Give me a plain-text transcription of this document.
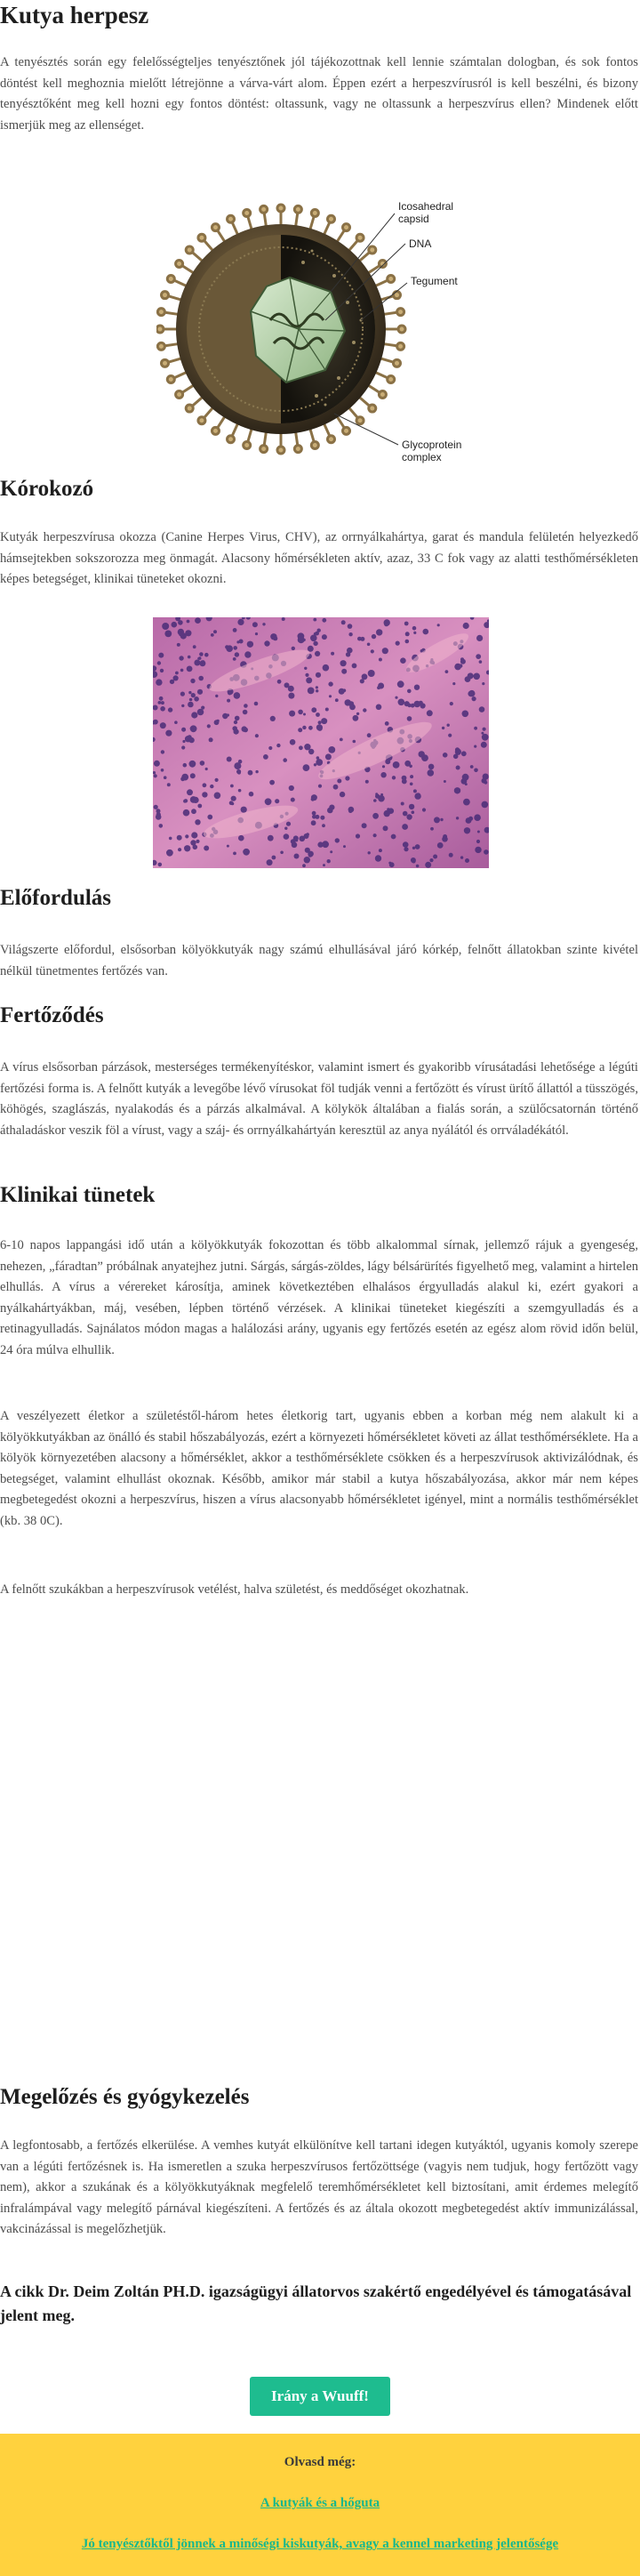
Kutya herpesz

A tenyésztés során egy felelősségteljes tenyésztőnek jól tájékozottnak kell lennie számtalan dologban, és sok fontos döntést kell meghoznia mielőtt létrejönne a várva-várt alom. Éppen ezért a herpeszvírusról is kell beszélni, és bizony tenyésztőként meg kell hozni egy fontos döntést: oltassunk, vagy ne oltassunk a herpeszvírus ellen? Mindenek előtt ismerjük meg az ellenséget.

Icosahedral
capsid
DNA
Tegument
Glycoprotein
complex
Kórokozó

Kutyák herpeszvírusa okozza (Canine Herpes Virus, CHV), az orrnyálkahártya, garat és mandula felületén helyezkedő hámsejtekben sokszorozza meg önmagát. Alacsony hőmérsékleten aktív, azaz, 33 C fok vagy az alatti testhőmérsékleten képes betegséget, klinikai tüneteket okozni.

Előfordulás

Világszerte előfordul, elsősorban kölyökkutyák nagy számú elhullásával járó kórkép, felnőtt állatokban szinte kivétel nélkül tünetmentes fertőzés van.

Fertőződés

A vírus elsősorban párzások, mesterséges termékenyítéskor, valamint ismert és gyakoribb vírusátadási lehetősége a légúti fertőzési forma is. A felnőtt kutyák a levegőbe lévő vírusokat föl tudják venni a fertőzött és vírust ürítő állattól a tüsszögés, köhögés, szaglászás, nyalakodás és a párzás alkalmával. A kölykök általában a fialás során, a szülőcsatornán történő áthaladáskor veszik föl a vírust, vagy a száj- és orrnyálkahártyán keresztül az anya nyálától és orrváladékától.

Klinikai tünetek

6-10 napos lappangási idő után a kölyökkutyák fokozottan és több alkalommal sírnak, jellemző rájuk a gyengeség, nehezen, „fáradtan” próbálnak anyatejhez jutni. Sárgás, sárgás-zöldes, lágy bélsárürítés figyelhető meg, valamint a hirtelen elhullás. A vírus a vérereket károsítja, aminek következtében elhalásos érgyulladás alakul ki, ezért gyakori a nyálkahártyákban, máj, vesében, lépben történő vérzések. A klinikai tüneteket kiegészíti a szemgyulladás és a retinagyulladás. Sajnálatos módon magas a halálozási arány, ugyanis egy fertőzés esetén az egész alom rövid időn belül, 24 óra múlva elhullik.

A veszélyezett életkor a születéstől-három hetes életkorig tart, ugyanis ebben a korban még nem alakult ki a kölyökkutyákban az önálló és stabil hőszabályozás, ezért a környezeti hőmérsékletet követi az állat testhőmérséklete. Ha a kölyök környezetében alacsony a hőmérséklet, akkor a testhőmérséklete csökken és a herpeszvírusok aktivizálódnak, és betegséget, valamint elhullást okoznak. Később, amikor már stabil a kutya hőszabályozása, akkor már nem képes megbetegedést okozni a herpeszvírus, hiszen a vírus alacsonyabb hőmérsékletet igényel, mint a normális testhőmérséklet (kb. 38 0C).

A felnőtt szukákban a herpeszvírusok vetélést, halva születést, és meddőséget okozhatnak.

Megelőzés és gyógykezelés

A legfontosabb, a fertőzés elkerülése. A vemhes kutyát elkülönítve kell tartani idegen kutyáktól, ugyanis komoly szerepe van a légúti fertőzésnek is. Ha ismeretlen a szuka herpeszvírusos fertőzöttsége (vagyis nem tudjuk, hogy fertőzött vagy nem), akkor a szukának és a kölyökkutyáknak megfelelő teremhőmérsékletet kell biztosítani, amit érdemes melegítő infralámpával vagy melegítő párnával kiegészíteni. A fertőzés és az általa okozott megbetegedést aktív immunizálással, vakcinázással is megelőzhetjük.

A cikk Dr. Deim Zoltán PH.D. igazságügyi állatorvos szakértő engedélyével és támogatásával jelent meg.

Irány a Wuuff!
Olvasd még:
A kutyák és a hőguta
Jó tenyésztőktől jönnek a minőségi kiskutyák, avagy a kennel marketing jelentősége
